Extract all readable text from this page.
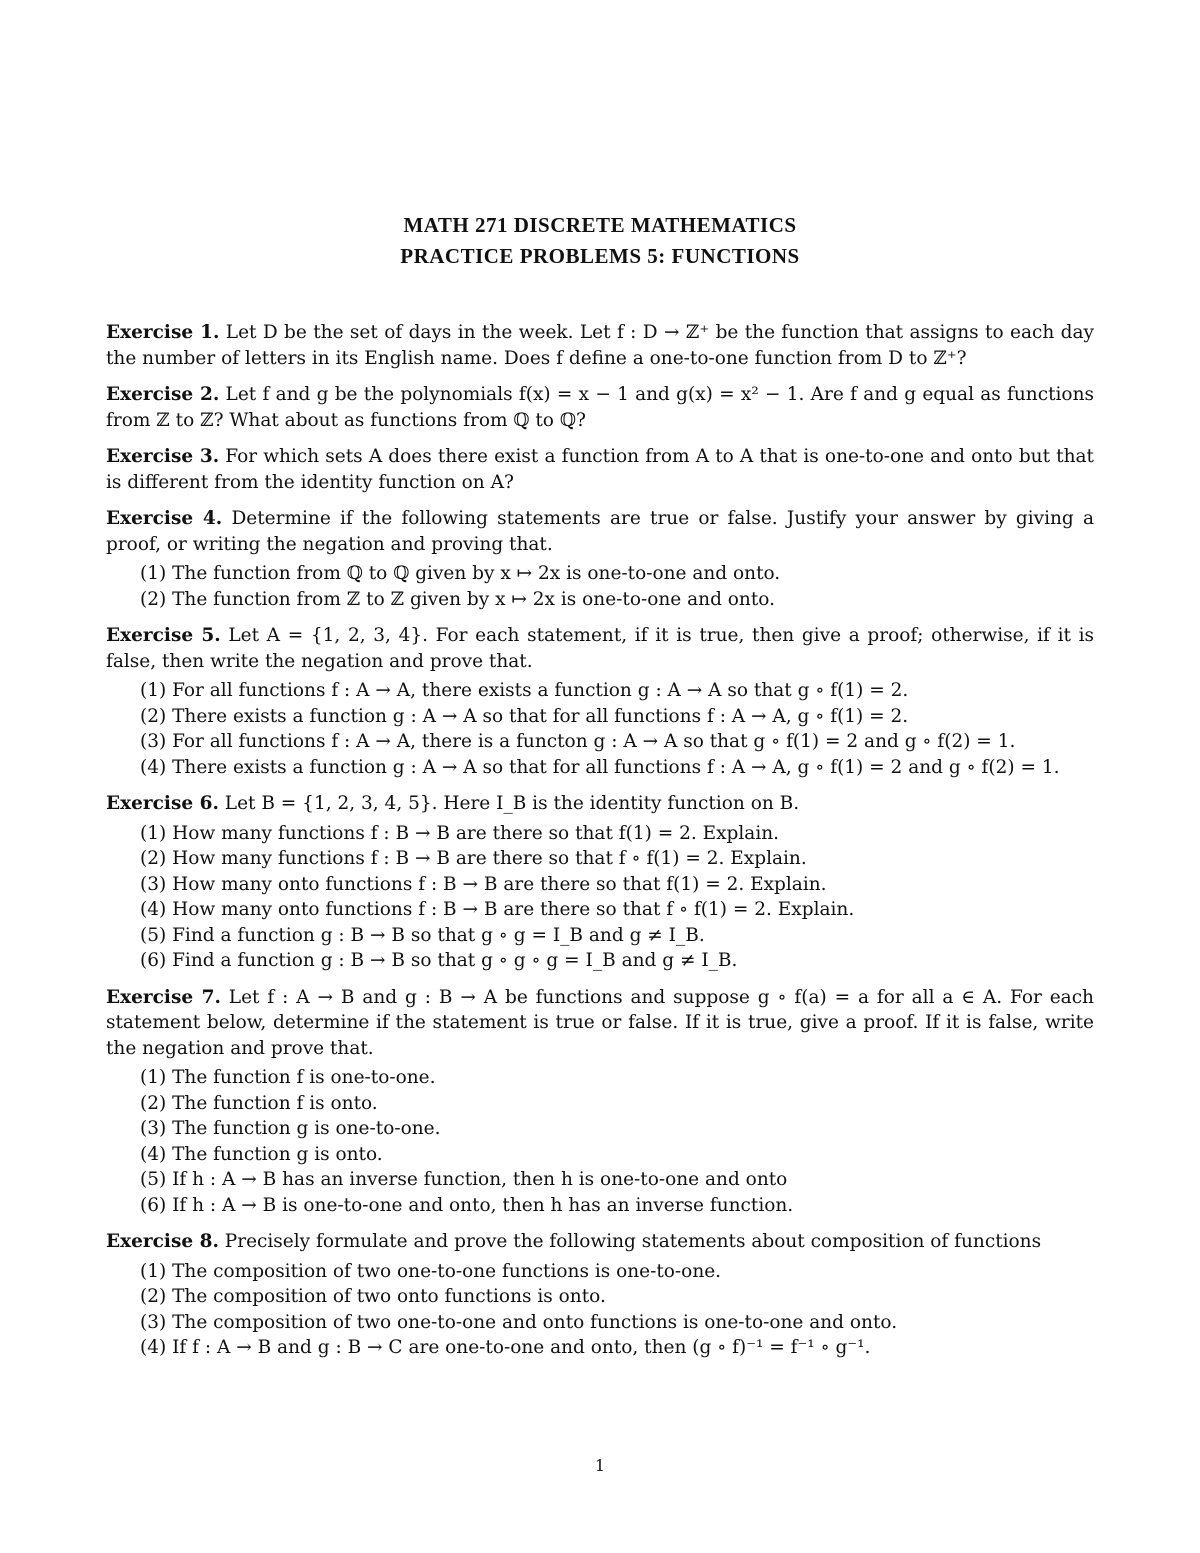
MATH 271 DISCRETE MATHEMATICS
PRACTICE PROBLEMS 5: FUNCTIONS

Exercise 1. Let D be the set of days in the week. Let f : D → ℤ⁺ be the function that assigns to each day the number of letters in its English name. Does f define a one-to-one function from D to ℤ⁺?

Exercise 2. Let f and g be the polynomials f(x) = x − 1 and g(x) = x² − 1. Are f and g equal as functions from ℤ to ℤ? What about as functions from ℚ to ℚ?

Exercise 3. For which sets A does there exist a function from A to A that is one-to-one and onto but that is different from the identity function on A?

Exercise 4. Determine if the following statements are true or false. Justify your answer by giving a proof, or writing the negation and proving that.

(1) The function from ℚ to ℚ given by x ↦ 2x is one-to-one and onto.
(2) The function from ℤ to ℤ given by x ↦ 2x is one-to-one and onto.

Exercise 5. Let A = {1, 2, 3, 4}. For each statement, if it is true, then give a proof; otherwise, if it is false, then write the negation and prove that.

(1) For all functions f : A → A, there exists a function g : A → A so that g ∘ f(1) = 2.
(2) There exists a function g : A → A so that for all functions f : A → A, g ∘ f(1) = 2.
(3) For all functions f : A → A, there is a functon g : A → A so that g ∘ f(1) = 2 and g ∘ f(2) = 1.
(4) There exists a function g : A → A so that for all functions f : A → A, g ∘ f(1) = 2 and g ∘ f(2) = 1.

Exercise 6. Let B = {1, 2, 3, 4, 5}. Here I_B is the identity function on B.

(1) How many functions f : B → B are there so that f(1) = 2. Explain.
(2) How many functions f : B → B are there so that f ∘ f(1) = 2. Explain.
(3) How many onto functions f : B → B are there so that f(1) = 2. Explain.
(4) How many onto functions f : B → B are there so that f ∘ f(1) = 2. Explain.
(5) Find a function g : B → B so that g ∘ g = I_B and g ≠ I_B.
(6) Find a function g : B → B so that g ∘ g ∘ g = I_B and g ≠ I_B.

Exercise 7. Let f : A → B and g : B → A be functions and suppose g ∘ f(a) = a for all a ∈ A. For each statement below, determine if the statement is true or false. If it is true, give a proof. If it is false, write the negation and prove that.

(1) The function f is one-to-one.
(2) The function f is onto.
(3) The function g is one-to-one.
(4) The function g is onto.
(5) If h : A → B has an inverse function, then h is one-to-one and onto
(6) If h : A → B is one-to-one and onto, then h has an inverse function.

Exercise 8. Precisely formulate and prove the following statements about composition of functions

(1) The composition of two one-to-one functions is one-to-one.
(2) The composition of two onto functions is onto.
(3) The composition of two one-to-one and onto functions is one-to-one and onto.
(4) If f : A → B and g : B → C are one-to-one and onto, then (g ∘ f)⁻¹ = f⁻¹ ∘ g⁻¹.
1
